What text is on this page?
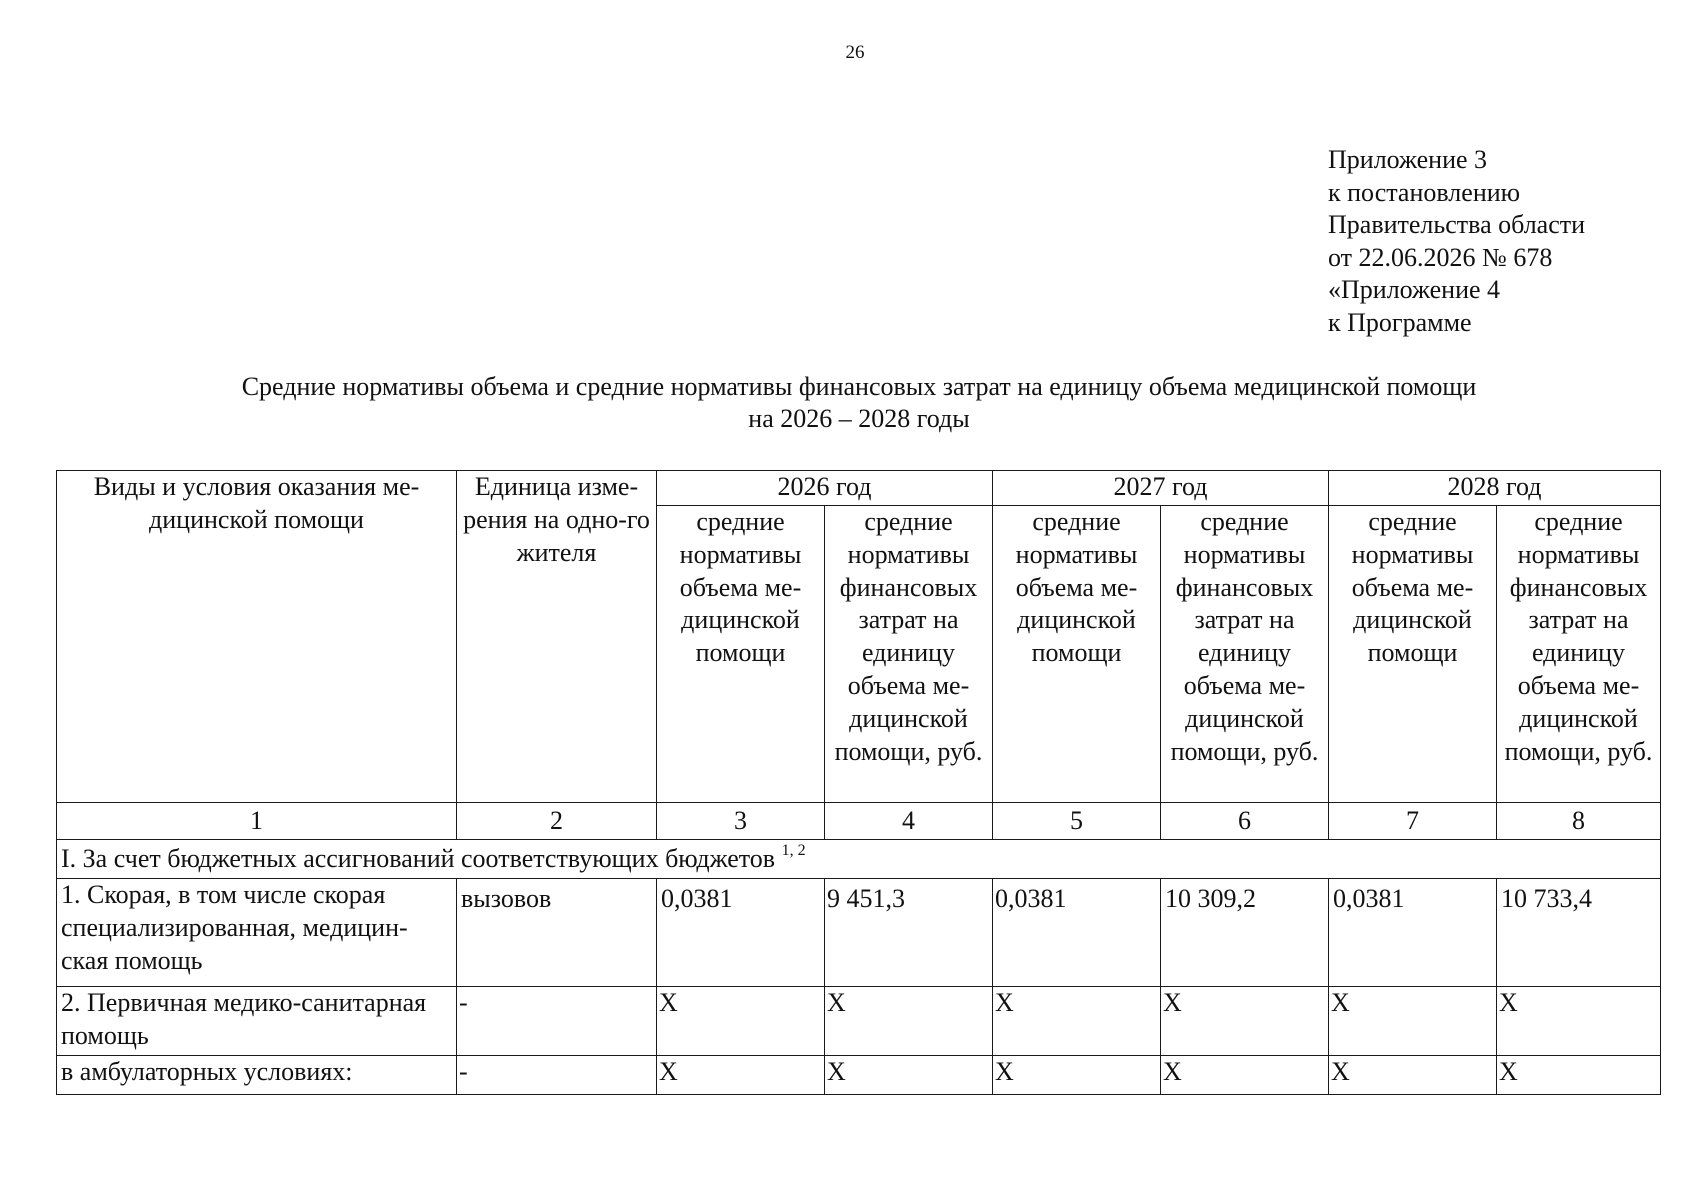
26
Приложение 3
к постановлению
Правительства области
от 22.06.2026 № 678
«Приложение 4
к Программе
Средние нормативы объема и средние нормативы финансовых затрат на единицу объема медицинской помощи
на 2026 – 2028 годы
Виды и условия оказания ме-дицинской помощи	Единица изме-рения на одно-го жителя	2026 год		2027 год		2028 год	
		средние нормативы объема ме-дицинской помощи	средние нормативы финансовых затрат на единицу объема ме-дицинской помощи, руб.	средние нормативы объема ме-дицинской помощи	средние нормативы финансовых затрат на единицу объема ме-дицинской помощи, руб.	средние нормативы объема ме-дицинской помощи	средние нормативы финансовых затрат на единицу объема ме-дицинской помощи, руб.
1	2	3	4	5	6	7	8
I. За счет бюджетных ассигнований соответствующих бюджетов $^{1, 2}$
1. Скорая, в том числе скорая специализированная, медицин-ская помощь	вызовов	0,0381	9 451,3	0,0381	10 309,2	0,0381	10 733,4
2. Первичная медико-санитарная помощь	-	X	X	X	X	X	X
в амбулаторных условиях:	-	X	X	X	X	X	X
